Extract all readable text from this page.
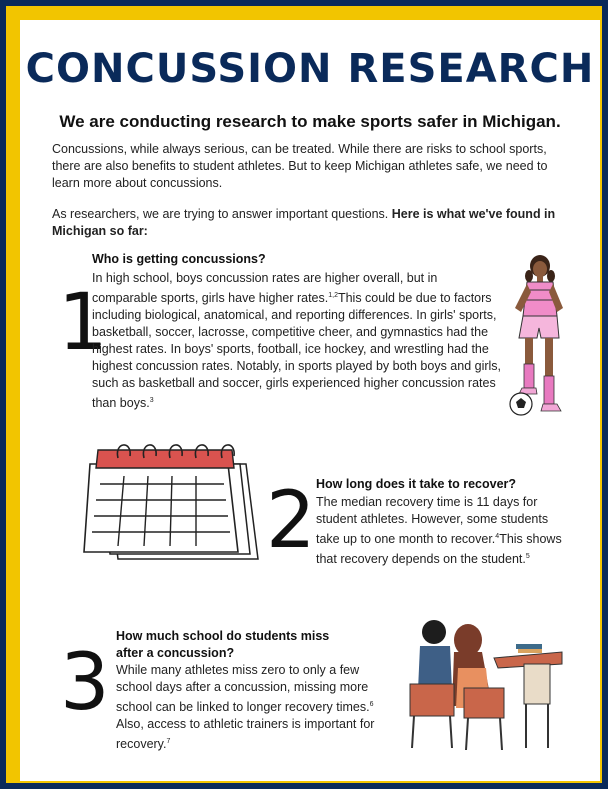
CONCUSSION RESEARCH
We are conducting research to make sports safer in Michigan.
Concussions, while always serious, can be treated. While there are risks to school sports, there are also benefits to student athletes. But to keep Michigan athletes safe, we need to learn more about concussions.
As researchers, we are trying to answer important questions. Here is what we've found in Michigan so far:
1
Who is getting concussions?
In high school, boys concussion rates are higher overall, but in comparable sports, girls have higher rates.$^{1,2}$This could be due to factors including biological, anatomical, and reporting differences. In girls' sports, basketball, soccer, lacrosse, competitive cheer, and gymnastics had the highest rates. In boys' sports, football, ice hockey, and wrestling had the highest concussion rates. Notably, in sports played by both boys and girls, such as basketball and soccer, girls experienced higher concussion rates than boys.$^3$
2 How long does it take to recover?
The median recovery time is 11 days for student athletes. However, some students take up to one month to recover.$^4$This shows that recovery depends on the student.$^5$
3
How much school do students miss after a concussion?
While many athletes miss zero to only a few school days after a concussion, missing more school can be linked to longer recovery times.$^6$ Also, access to athletic trainers is important for recovery.$^7$
